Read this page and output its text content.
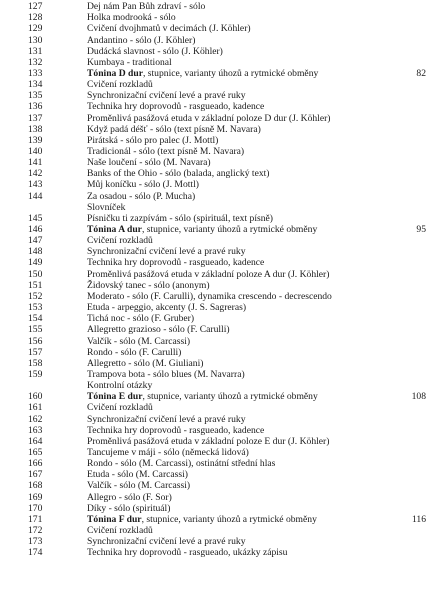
127	Dej nám Pan Bůh zdraví - sólo
128	Holka modrooká - sólo
129	Cvičení dvojhmatů v decimách (J. Köhler)
130	Andantino - sólo (J. Köhler)
131	Dudácká slavnost - sólo (J. Köhler)
132	Kumbaya - traditional
133	Tónina D dur, stupnice, varianty úhozů a rytmické obměny	82
134	Cvičení rozkladů
135	Synchronizační cvičení levé a pravé ruky
136	Technika hry doprovodů - rasgueado, kadence
137	Proměnlivá pasážová etuda v základní poloze D dur (J. Köhler)
138	Když padá déšť - sólo (text písně M. Navara)
139	Pirátská - sólo pro palec (J. Mottl)
140	Tradicionál - sólo (text písně M. Navara)
141	Naše loučení - sólo (M. Navara)
142	Banks of the Ohio - sólo (balada, anglický text)
143	Můj koníčku - sólo (J. Mottl)
144	Za osadou - sólo (P. Mucha)
Slovníček
145	Písničku ti zazpívám - sólo (spirituál, text písně)
146	Tónina A dur, stupnice, varianty úhozů a rytmické obměny	95
147	Cvičení rozkladů
148	Synchronizační cvičení levé a pravé ruky
149	Technika hry doprovodů - rasgueado, kadence
150	Proměnlivá pasážová etuda v základní poloze A dur (J. Köhler)
151	Židovský tanec - sólo (anonym)
152	Moderato - sólo (F. Carulli), dynamika crescendo - decrescendo
153	Etuda - arpeggio, akcenty (J. S. Sagreras)
154	Tichá noc - sólo (F. Gruber)
155	Allegretto grazioso - sólo (F. Carulli)
156	Valčík - sólo (M. Carcassi)
157	Rondo - sólo (F. Carulli)
158	Allegretto - sólo (M. Giuliani)
159	Trampova bota - sólo blues (M. Navarra)
Kontrolní otázky
160	Tónina E dur, stupnice, varianty úhozů a rytmické obměny	108
161	Cvičení rozkladů
162	Synchronizační cvičení levé a pravé ruky
163	Technika hry doprovodů - rasgueado, kadence
164	Proměnlivá pasážová etuda v základní poloze E dur (J. Köhler)
165	Tancujeme v máji - sólo (německá lidová)
166	Rondo - sólo (M. Carcassi), ostinátní střední hlas
167	Etuda - sólo (M. Carcassi)
168	Valčík - sólo (M. Carcassi)
169	Allegro - sólo (F. Sor)
170	Díky - sólo (spirituál)
171	Tónina F dur, stupnice, varianty úhozů a rytmické obměny	116
172	Cvičení rozkladů
173	Synchronizační cvičení levé a pravé ruky
174	Technika hry doprovodů - rasgueado, ukázky zápisu
